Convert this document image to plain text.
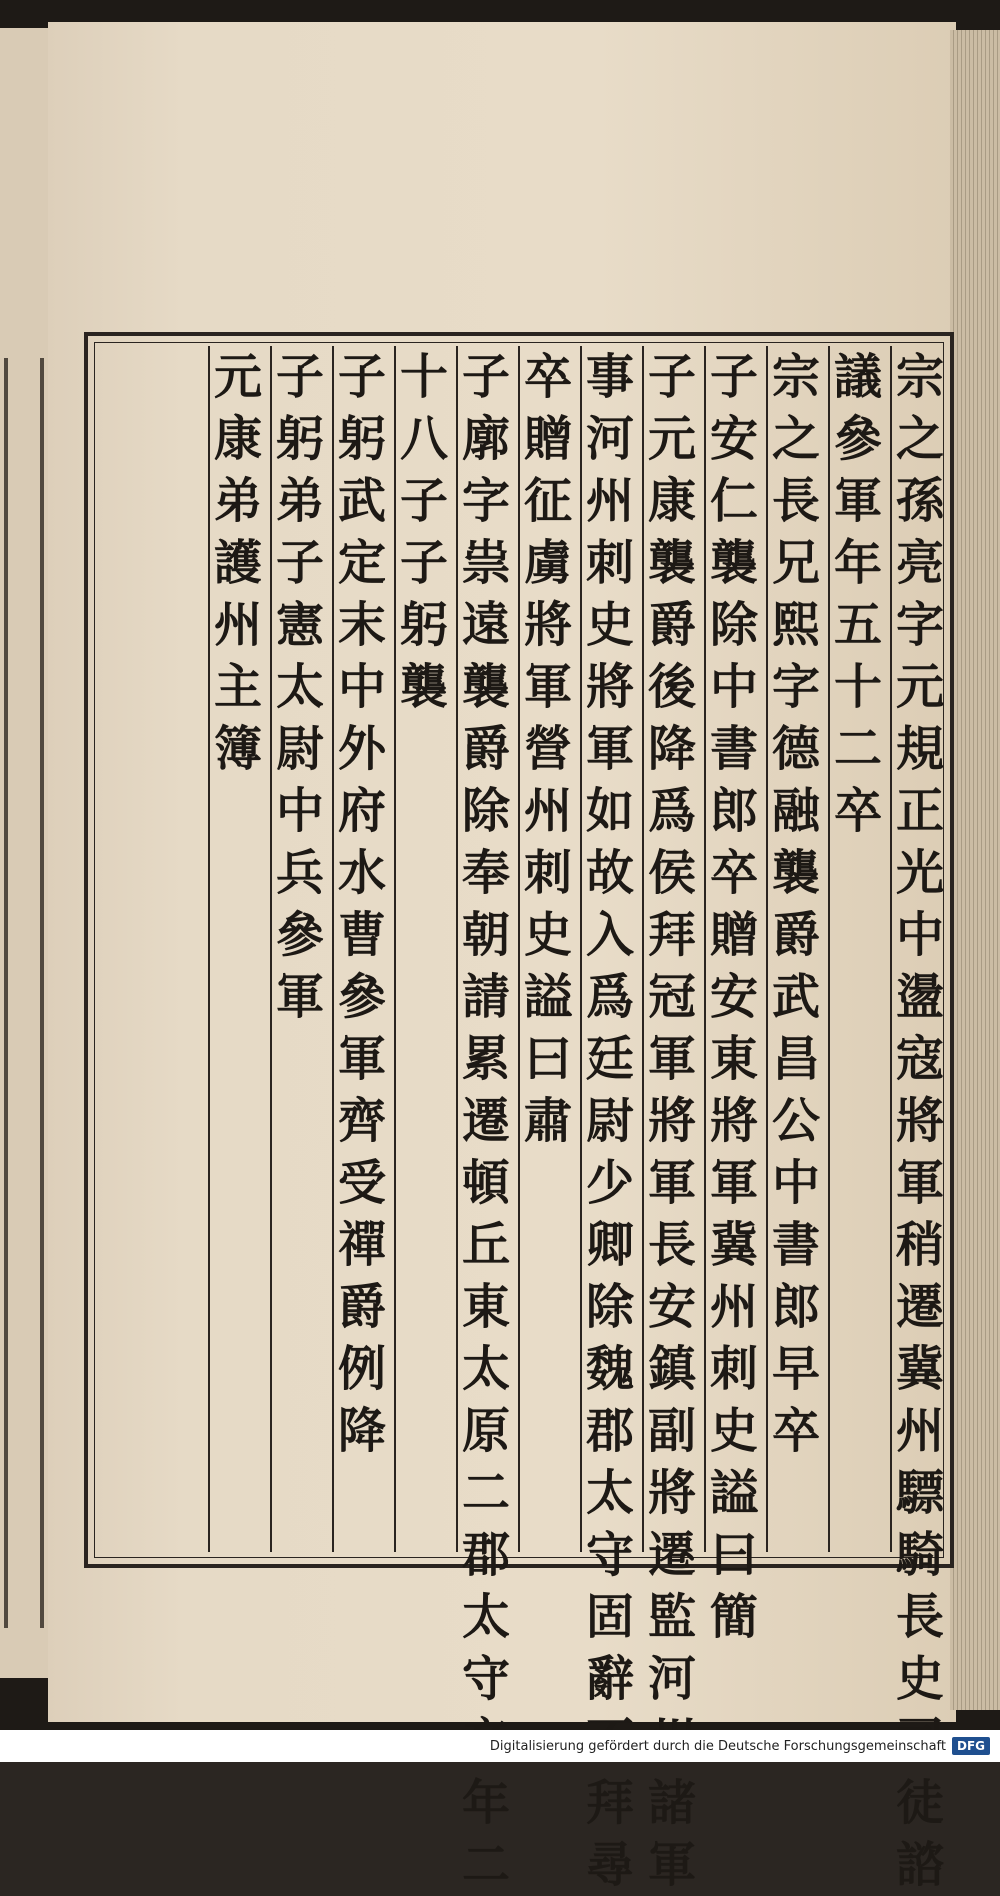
宗之孫亮字元規正光中盪寇將軍稍遷冀州驃騎長史 徒諮
議參軍年五十二卒
宗之長兄熙字德融襲爵武昌公中書郎早卒
子安仁襲除中書郎卒贈安東將軍冀州刺史謚曰簡
子元康襲爵後降爲侯拜冠軍將軍長安鎮副將遷監河 諸軍
事河州刺史將軍如故入爲廷尉少卿除魏郡太守固辭 拜尋
卒贈征虜將軍營州刺史謚曰肅
子廓字祟遠襲爵除奉朝請累遷頓丘東太原二郡太守 年二
十八子子躬襲
子躬武定末中外府水曹參軍齊受禪爵例降
子躬弟子憲太尉中兵參軍
元康弟護州主簿
Digitalisierung gefördert durch die Deutsche Forschungsgemeinschaft DFG
